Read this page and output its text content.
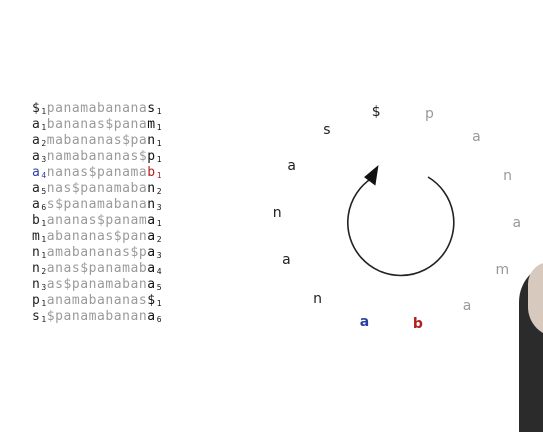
$\$_1panamabananas_1$
$a_1bananas\$panam_1$
$a_2mabananas\$pan_1$
$a_3namabananas\$p_1$
$a_4nanas\$panamab_1$
$a_5nas\$panamaban_2$
$a_6s\$panamabanan_3$
$b_1ananas\$panama_1$
$m_1abananas\$pana_2$
$n_1amabananas\$pa_3$
$n_2anas\$panamaba_4$
$n_3as\$panamabana_5$
$p_1anamabananas\$_1$
$s_1\$panamabanana_6$
$	p
a
n
a
m
a
b
a
n
a
n
a
s
